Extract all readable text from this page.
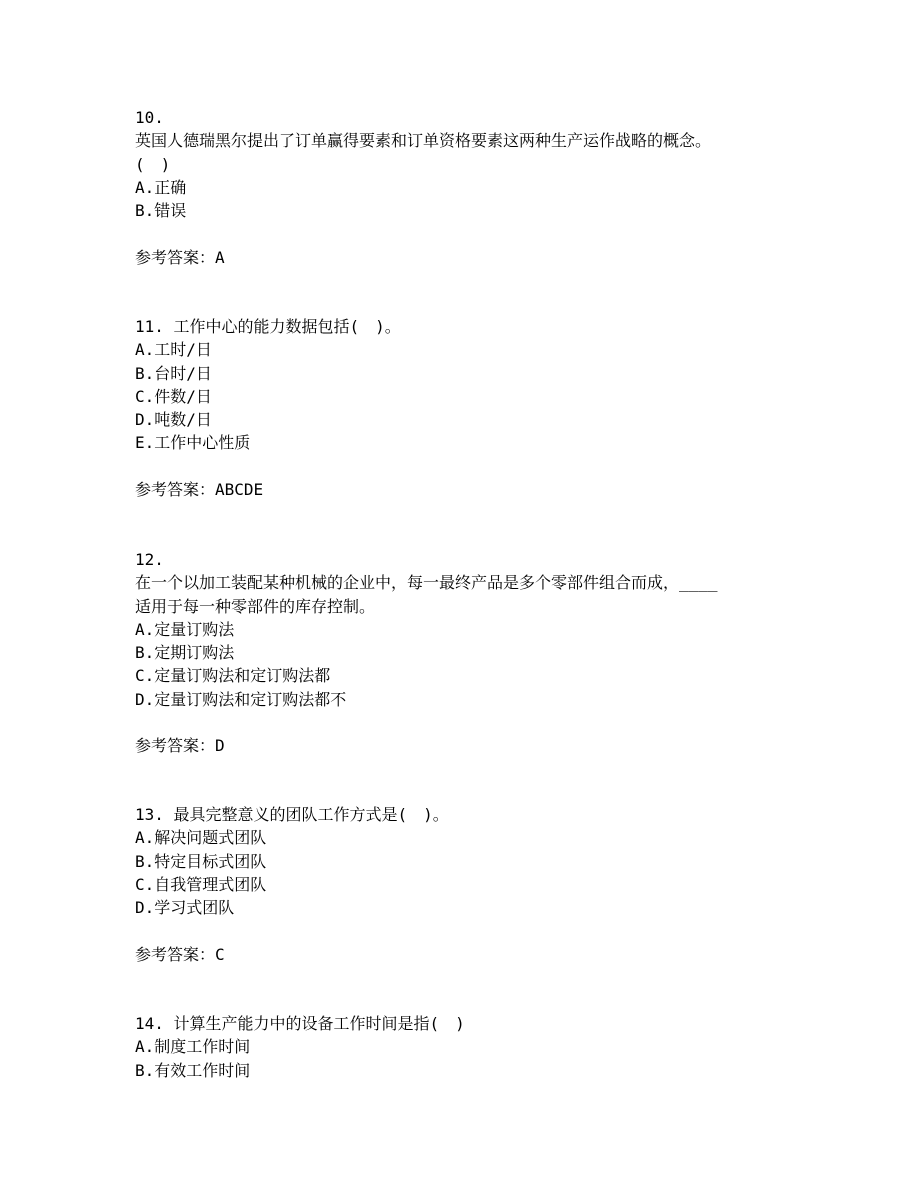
10.
英国人德瑞黑尔提出了订单赢得要素和订单资格要素这两种生产运作战略的概念。
(　)
A.正确
B.错误
参考答案：A
11. 工作中心的能力数据包括(　)。
A.工时/日
B.台时/日
C.件数/日
D.吨数/日
E.工作中心性质
参考答案：ABCDE
12.
在一个以加工装配某种机械的企业中，每一最终产品是多个零部件组合而成，____
适用于每一种零部件的库存控制。
A.定量订购法
B.定期订购法
C.定量订购法和定订购法都
D.定量订购法和定订购法都不
参考答案：D
13. 最具完整意义的团队工作方式是(　)。
A.解决问题式团队
B.特定目标式团队
C.自我管理式团队
D.学习式团队
参考答案：C
14. 计算生产能力中的设备工作时间是指(　)
A.制度工作时间
B.有效工作时间
